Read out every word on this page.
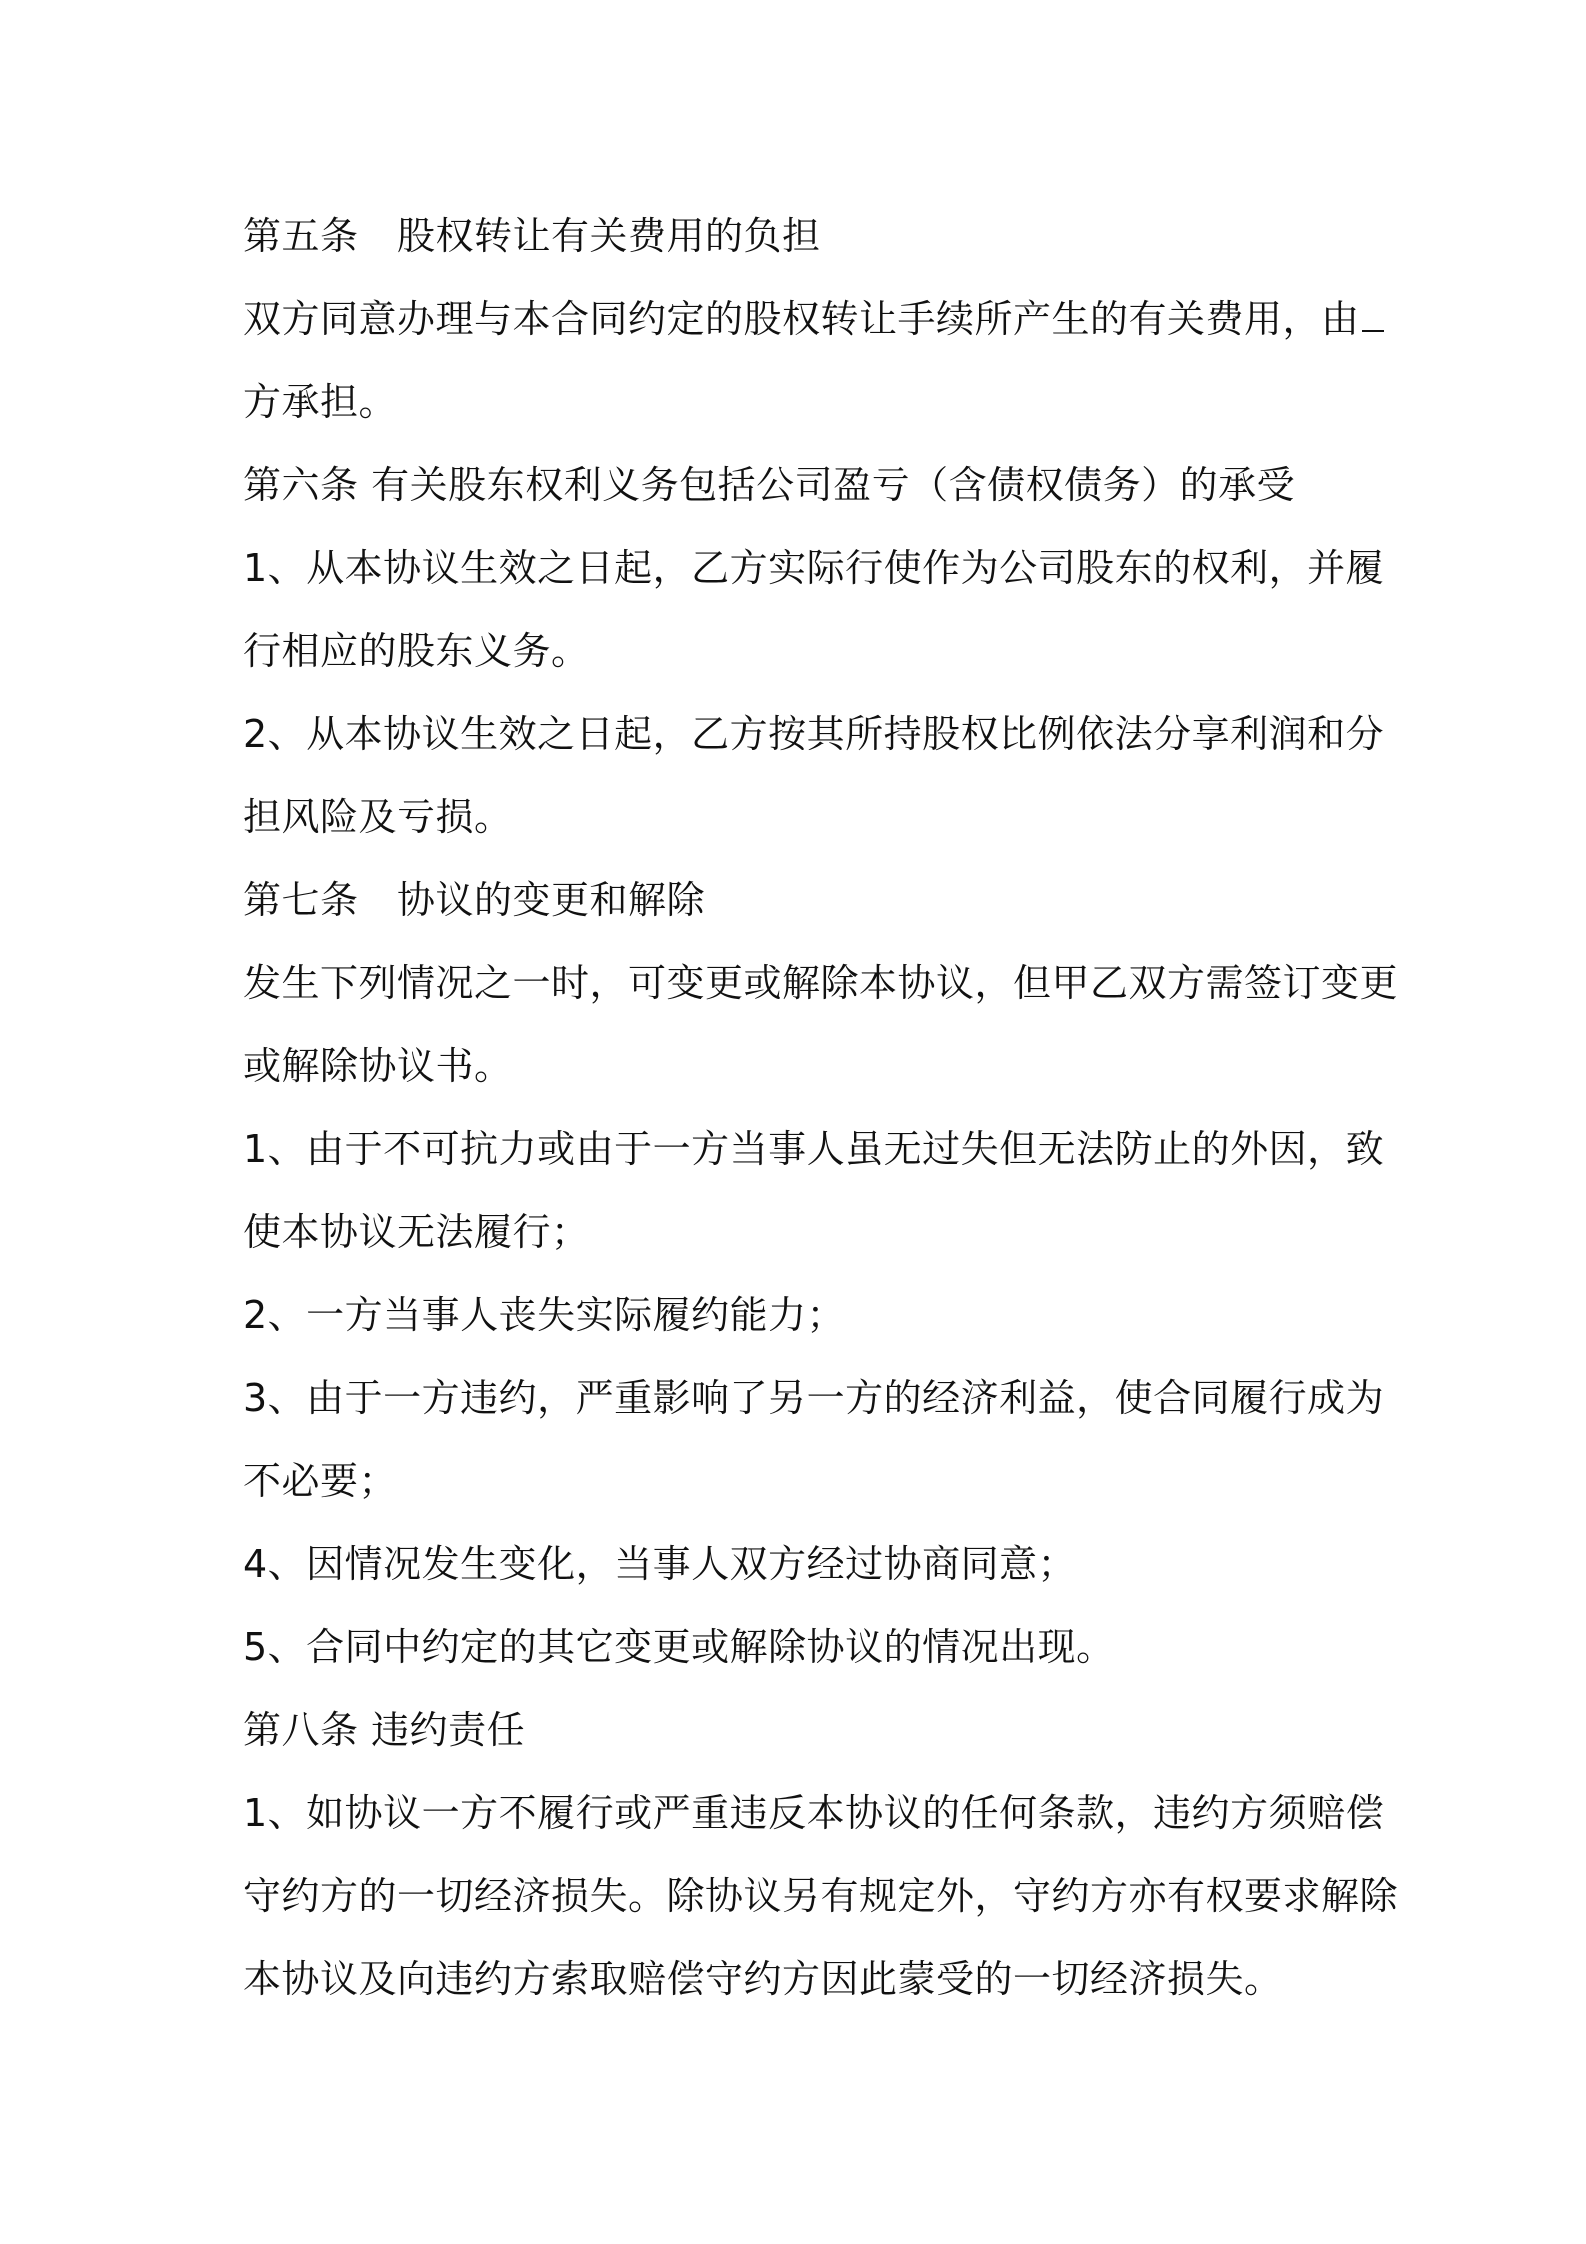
第五条　股权转让有关费用的负担
双方同意办理与本合同约定的股权转让手续所产生的有关费用，由
方承担。
第六条 有关股东权利义务包括公司盈亏（含债权债务）的承受
1、从本协议生效之日起，乙方实际行使作为公司股东的权利，并履
行相应的股东义务。
2、从本协议生效之日起，乙方按其所持股权比例依法分享利润和分
担风险及亏损。
第七条　协议的变更和解除
发生下列情况之一时，可变更或解除本协议，但甲乙双方需签订变更
或解除协议书。
1、由于不可抗力或由于一方当事人虽无过失但无法防止的外因，致
使本协议无法履行；
2、一方当事人丧失实际履约能力；
3、由于一方违约，严重影响了另一方的经济利益，使合同履行成为
不必要；
4、因情况发生变化，当事人双方经过协商同意；
5、合同中约定的其它变更或解除协议的情况出现。
第八条 违约责任
1、如协议一方不履行或严重违反本协议的任何条款，违约方须赔偿
守约方的一切经济损失。除协议另有规定外，守约方亦有权要求解除
本协议及向违约方索取赔偿守约方因此蒙受的一切经济损失。
